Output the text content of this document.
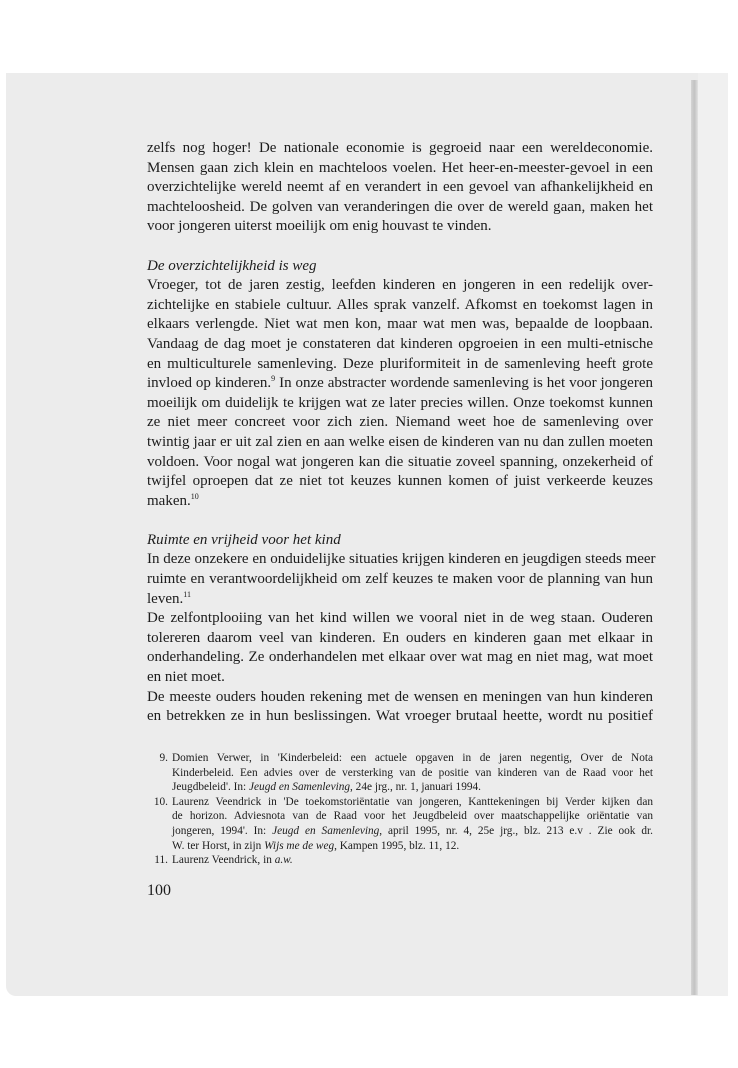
zelfs nog hoger! De nationale economie is gegroeid naar een wereldeconomie.
Mensen gaan zich klein en machteloos voelen. Het heer-en-meester-gevoel in een
overzichtelijke wereld neemt af en verandert in een gevoel van afhankelijkheid en
machteloosheid. De golven van veranderingen die over de wereld gaan, maken het
voor jongeren uiterst moeilijk om enig houvast te vinden.
De overzichtelijkheid is weg
Vroeger, tot de jaren zestig, leefden kinderen en jongeren in een redelijk over-
zichtelijke en stabiele cultuur. Alles sprak vanzelf. Afkomst en toekomst lagen in
elkaars verlengde. Niet wat men kon, maar wat men was, bepaalde de loopbaan.
Vandaag de dag moet je constateren dat kinderen opgroeien in een multi-etnische
en multiculturele samenleving. Deze pluriformiteit in de samenleving heeft grote
invloed op kinderen.$^9$ In onze abstracter wordende samenleving is het voor jongeren
moeilijk om duidelijk te krijgen wat ze later precies willen. Onze toekomst kunnen
ze niet meer concreet voor zich zien. Niemand weet hoe de samenleving over
twintig jaar er uit zal zien en aan welke eisen de kinderen van nu dan zullen moeten
voldoen. Voor nogal wat jongeren kan die situatie zoveel spanning, onzekerheid of
twijfel oproepen dat ze niet tot keuzes kunnen komen of juist verkeerde keuzes
maken.$^{10}$
Ruimte en vrijheid voor het kind
In deze onzekere en onduidelijke situaties krijgen kinderen en jeugdigen steeds meer
ruimte en verantwoordelijkheid om zelf keuzes te maken voor de planning van hun
leven.$^{11}$
De zelfontplooiing van het kind willen we vooral niet in de weg staan. Ouderen
tolereren daarom veel van kinderen. En ouders en kinderen gaan met elkaar in
onderhandeling. Ze onderhandelen met elkaar over wat mag en niet mag, wat moet
en niet moet.
De meeste ouders houden rekening met de wensen en meningen van hun kinderen
en betrekken ze in hun beslissingen. Wat vroeger brutaal heette, wordt nu positief
9. Domien Verwer, in 'Kinderbeleid: een actuele opgaven in de jaren negentig, Over de Nota
Kinderbeleid. Een advies over de versterking van de positie van kinderen van de Raad voor het
Jeugdbeleid'. In: Jeugd en Samenleving, 24e jrg., nr. 1, januari 1994.
10. Laurenz Veendrick in 'De toekomstoriëntatie van jongeren, Kanttekeningen bij Verder kijken dan
de horizon. Adviesnota van de Raad voor het Jeugdbeleid over maatschappelijke oriëntatie van
jongeren, 1994'. In: Jeugd en Samenleving, april 1995, nr. 4, 25e jrg., blz. 213 e.v . Zie ook dr.
W. ter Horst, in zijn Wijs me de weg, Kampen 1995, blz. 11, 12.
11. Laurenz Veendrick, in a.w.
100
